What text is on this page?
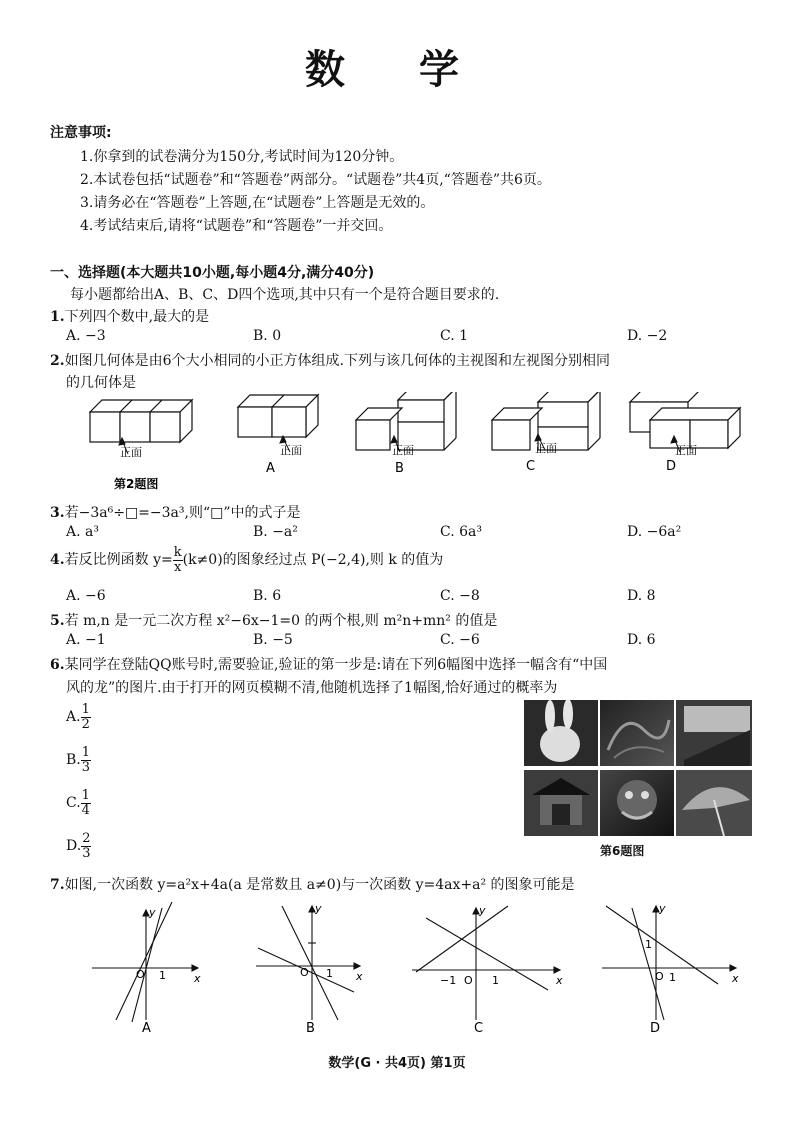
数 学
注意事项:
1.你拿到的试卷满分为150分,考试时间为120分钟。
2.本试卷包括“试题卷”和“答题卷”两部分。“试题卷”共4页,“答题卷”共6页。
3.请务必在“答题卷”上答题,在“试题卷”上答题是无效的。
4.考试结束后,请将“试题卷”和“答题卷”一并交回。
一、选择题(本大题共10小题,每小题4分,满分40分)
每小题都给出A、B、C、D四个选项,其中只有一个是符合题目要求的.
1.下列四个数中,最大的是
A. −3	B. 0	C. 1	D. −2
2.如图几何体是由6个大小相同的小正方体组成.下列与该几何体的主视图和左视图分别相同
的几何体是
正面	正面	正面	正面	正面
A	B	C	D
第2题图
3.若−3a⁶÷□=−3a³,则“□”中的式子是
A. a³	B. −a²	C. 6a³	D. −6a²
4.若反比例函数 $y= \frac{k}{x} (k\ne 0)$的图象经过点 P(−2,4),则 k 的值为
A. −6	B. 6	C. −8	D. 8
5.若 m,n 是一元二次方程 x²−6x−1=0 的两个根,则 m²n+mn² 的值是
A. −1	B. −5	C. −6	D. 6
6.某同学在登陆QQ账号时,需要验证,验证的第一步是:请在下列6幅图中选择一幅含有“中国
风的龙”的图片.由于打开的网页模糊不清,他随机选择了1幅图,恰好通过的概率为
A. $\frac{1}{2}$
B. $\frac{1}{3}$
C. $\frac{1}{4}$
D. $\frac{2}{3}$	第6题图
7.如图,一次函数 y=a²x+4a(a 是常数且 a≠0)与一次函数 y=4ax+a² 的图象可能是
x
y
x
y
x
y
x
y
O 1	O 1
−1 O 1
1
O 1
A	B	C	D
数学(G · 共4页) 第1页
